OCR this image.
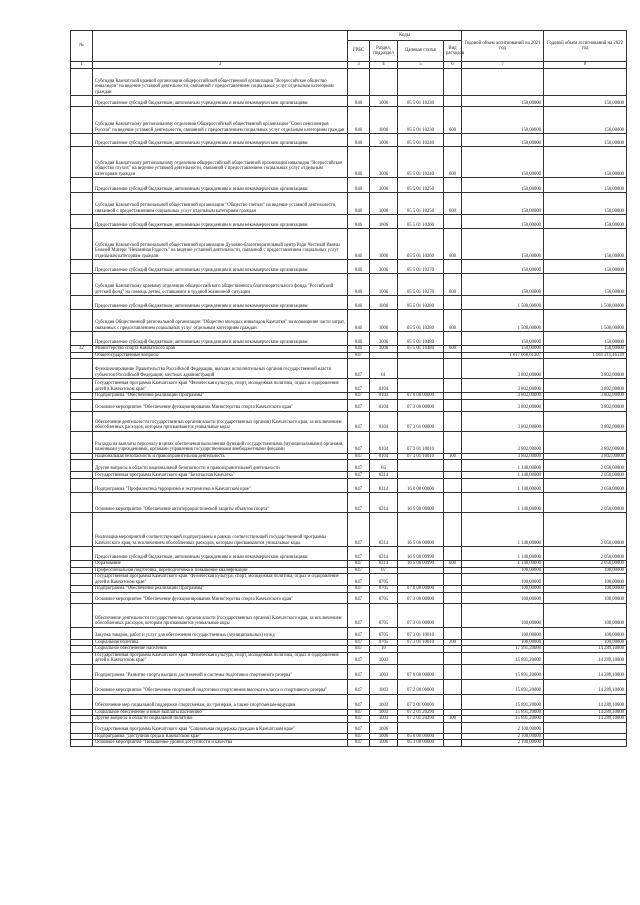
№		Коды				Годовой объем ассигнований на 2021 год	Годовой объем ассигнований на 2022 год
		ГРБС	Раздел, подраздел	Целевая статья	Вид расходов		
1	2	3	4	5	6	7	8
	Субсидия Камчатской краевой организации общероссийской общественной организации "Всероссийское общество инвалидов" на ведение уставной деятельности, связанной с предоставлением социальных услуг отдельным категориям граждан						
	Предоставление субсидий бюджетным, автономным учреждениям и иным некоммерческим организациям	846	1006	05 5 01 10230		150,00000	150,00000
	Субсидия Камчатскому региональному отделению Общероссийской общественной организации "Союз пенсионеров России" на ведение уставной деятельности, связанной с предоставлением социальных услуг отдельным категориям граждан	846	1006	05 5 01 10230	600	150,00000	150,00000
	Предоставление субсидий бюджетным, автономным учреждениям и иным некоммерческим организациям	846	1006	05 5 01 10240		150,00000	150,00000
	Субсидия Камчатскому региональному отделению общероссийской общественной организации инвалидов "Всероссийское общество глухих" на ведение уставной деятельности, связанной с предоставлением социальных услуг отдельным категориям граждан	846	1006	05 5 01 10240	600	150,00000	150,00000
	Предоставление субсидий бюджетным, автономным учреждениям и иным некоммерческим организациям	846	1006	05 5 01 10250		150,00000	150,00000
	Субсидия Камчатской региональной общественной организации "Общество слепых" на ведение уставной деятельности, связанной с предоставлением социальных услуг отдельным категориям граждан	846	1006	05 5 01 10250	600	150,00000	150,00000
	Предоставление субсидий бюджетным, автономным учреждениям и иным некоммерческим организациям	846	1006	05 5 01 10260		150,00000	150,00000
	Субсидия Камчатской региональной общественной организации Духовно-благотворительный центр Ради Честный Иконы Божией Матери "Нечаянная Радость" на ведение уставной деятельности, связанной с предоставлением социальных услуг отдельным категориям граждан	846	1006	05 5 01 10260	600	150,00000	150,00000
	Предоставление субсидий бюджетным, автономным учреждениям и иным некоммерческим организациям	846	1006	05 5 01 10270		150,00000	150,00000
	Субсидия Камчатскому краевому отделению общероссийского общественного благотворительного фонда "Российский детский фонд" на помощь детям, оставшимся в трудной жизненной ситуации	846	1006	05 5 01 10270	600	150,00000	150,00000
	Предоставление субсидий бюджетным, автономным учреждениям и иным некоммерческим организациям	846	1006	05 5 01 10280		1 500,00000	1 500,00000
	Субсидия Общественной региональной организации "Общество молодых инвалидов Камчатки" на возмещение части затрат, связанных с предоставлением социальных услуг отдельным категориям граждан	846	1006	05 5 01 10280	600	1 500,00000	1 500,00000
	Предоставление субсидий бюджетным, автономным учреждениям и иным некоммерческим организациям	846	1006	05 5 01 10480		150,00000	150,00000
32	Министерство спорта Камчатского края	846	1006	05 5 01 10480	600	150,00000	150,00000
	Общегосударственные вопросы	847				1 017 068,61307	1 041 211,46149
	Функционирование Правительства Российской Федерации, высших исполнительных органов государственной власти субъектов Российской Федерации, местных администраций	847	01			3 802,00000	3 802,00000
	Государственная программа Камчатского края "Физическая культура, спорт, молодежная политика, отдых и оздоровление детей в Камчатском крае"	847	0104			3 802,00000	3 802,00000
	Подпрограмма "Обеспечение реализации Программы"	847	0104	07 0 00 00000		3 802,00000	3 802,00000
	Основное мероприятие "Обеспечение функционирования Министерства спорта Камчатского края"	847	0104	07 3 00 00000		3 802,00000	3 802,00000
	Обеспечение деятельности государственных органов власти (государственных органов) Камчатского края, за исключением обособленных расходов, которым присваиваются уникальные коды	847	0104	07 3 01 00000		3 802,00000	3 802,00000
	Расходы на выплаты персоналу в целях обеспечения выполнения функций государственными (муниципальными) органами, казенными учреждениями, органами управления государственными внебюджетными фондами	847	0104	07 3 01 10010		3 802,00000	3 802,00000
	Национальная безопасность и правоохранительная деятельность	847	0104	07 3 01 10010	100	3 802,00000	3 802,00000
	Другие вопросы в области национальной безопасности и правоохранительной деятельности	847	03			1 140,00000	2 050,00000
	Государственная программа Камчатского края "Безопасная Камчатка"	847	0314			1 140,00000	2 050,00000
	Подпрограмма "Профилактика терроризма и экстремизма в Камчатском крае"	847	0314	16 0 00 00000		1 140,00000	2 050,00000
	Основное мероприятие "Обеспечение антитеррористической защиты объектов спорта"	847	0314	16 5 00 00000		1 140,00000	2 050,00000
	Реализация мероприятий соответствующей подпрограммы в рамках соответствующей государственной программы Камчатского края, за исключением обособленных расходов, которым присваиваются уникальные коды	847	0314	16 5 06 00000		1 140,00000	2 050,00000
	Предоставление субсидий бюджетным, автономным учреждениям и иным некоммерческим организациям	847	0314	16 5 06 09990		1 140,00000	2 050,00000
	Образование	847	0314	16 5 06 09990	600	1 140,00000	2 050,00000
	Профессиональная подготовка, переподготовка и повышение квалификации	847	07			100,00000	100,00000
	Государственная программа Камчатского края "Физическая культура, спорт, молодежная политика, отдых и оздоровление детей в Камчатском крае"	847	0705			100,00000	100,00000
	Подпрограмма "Обеспечение реализации Программы"	847	0705	07 0 00 00000		100,00000	100,00000
	Основное мероприятие "Обеспечение функционирования Министерства спорта Камчатского края"	847	0705	07 3 00 00000		100,00000	100,00000
	Обеспечение деятельности государственных органов власти (государственных органов) Камчатского края, за исключением обособленных расходов, которым присваиваются уникальные коды	847	0705	07 3 01 00000		100,00000	100,00000
	Закупка товаров, работ и услуг для обеспечения государственных (муниципальных) нужд	847	0705	07 3 01 10010		100,00000	100,00000
	Социальная политика	847	0705	07 3 01 10010	200	100,00000	100,00000
	Социальное обеспечение населения	847	10			17 991,20000	14 289,10000
	Государственная программа Камчатского края "Физическая культура, спорт, молодежная политика, отдых и оздоровление детей в Камчатском крае"	847	1003			15 891,20000	14 289,10000
	Подпрограмма "Развитие спорта высших достижений и системы подготовки спортивного резерва"	847	1003	07 0 00 00000		15 891,20000	14 289,10000
	Основное мероприятие "Обеспечение спортивной подготовки спортсменов высокого класса и спортивного резерва"	847	1003	07 2 00 00000		15 891,20000	14 289,10000
	Обеспечение мер социальной поддержки спортсменам, их тренерам, а также спортсменам-ведущим	847	1003	07 2 01 00000		15 891,20000	14 289,10000
	Социальное обеспечение и иные выплаты населению	847	1003	07 2 01 20290		15 891,20000	14 289,10000
	Другие вопросы в области социальной политики	847	1003	07 2 01 20290	300	15 891,20000	14 289,10000
	Государственная программа Камчатского края "Социальная поддержка граждан в Камчатском крае"	847	1006			2 100,00000	
	Подпрограмма "Доступная среда в Камчатском крае"	847	1006	05 0 00 00000		2 100,00000	
	Основное мероприятие "Повышение уровня доступности и качества	847	1006	05 3 00 00000		2 100,00000	
